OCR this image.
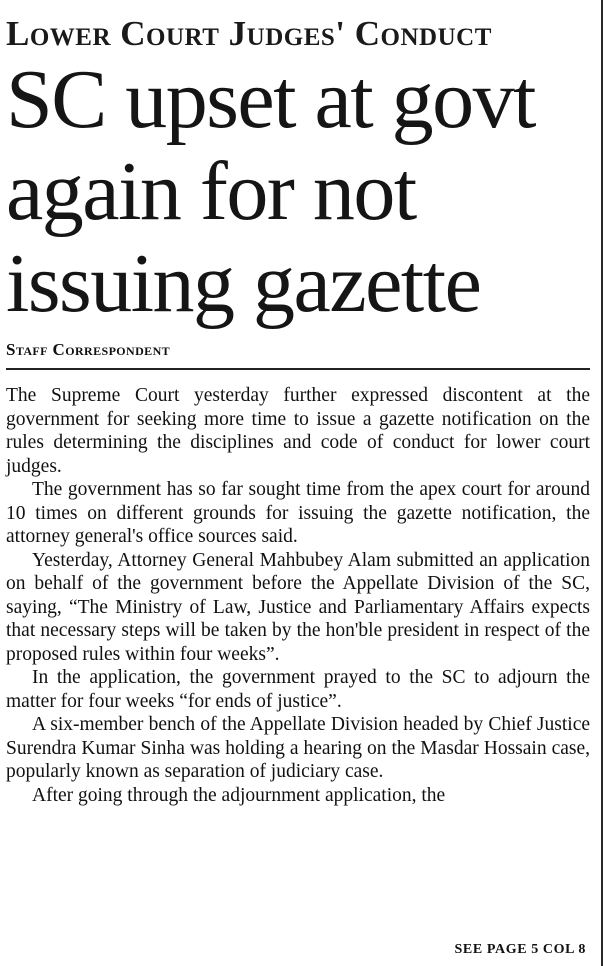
Lower Court Judges' Conduct
SC upset at govt again for not issuing gazette
Staff Correspondent

The Supreme Court yesterday further expressed discontent at the government for seeking more time to issue a gazette notification on the rules determining the disciplines and code of conduct for lower court judges.

The government has so far sought time from the apex court for around 10 times on different grounds for issuing the gazette notification, the attorney general's office sources said.

Yesterday, Attorney General Mahbubey Alam submitted an application on behalf of the government before the Appellate Division of the SC, saying, “The Ministry of Law, Justice and Parliamentary Affairs expects that necessary steps will be taken by the hon'ble president in respect of the proposed rules within four weeks”.

In the application, the government prayed to the SC to adjourn the matter for four weeks “for ends of justice”.

A six-member bench of the Appellate Division headed by Chief Justice Surendra Kumar Sinha was holding a hearing on the Masdar Hossain case, popularly known as separation of judiciary case.

After going through the adjournment application, the

SEE PAGE 5 COL 8
